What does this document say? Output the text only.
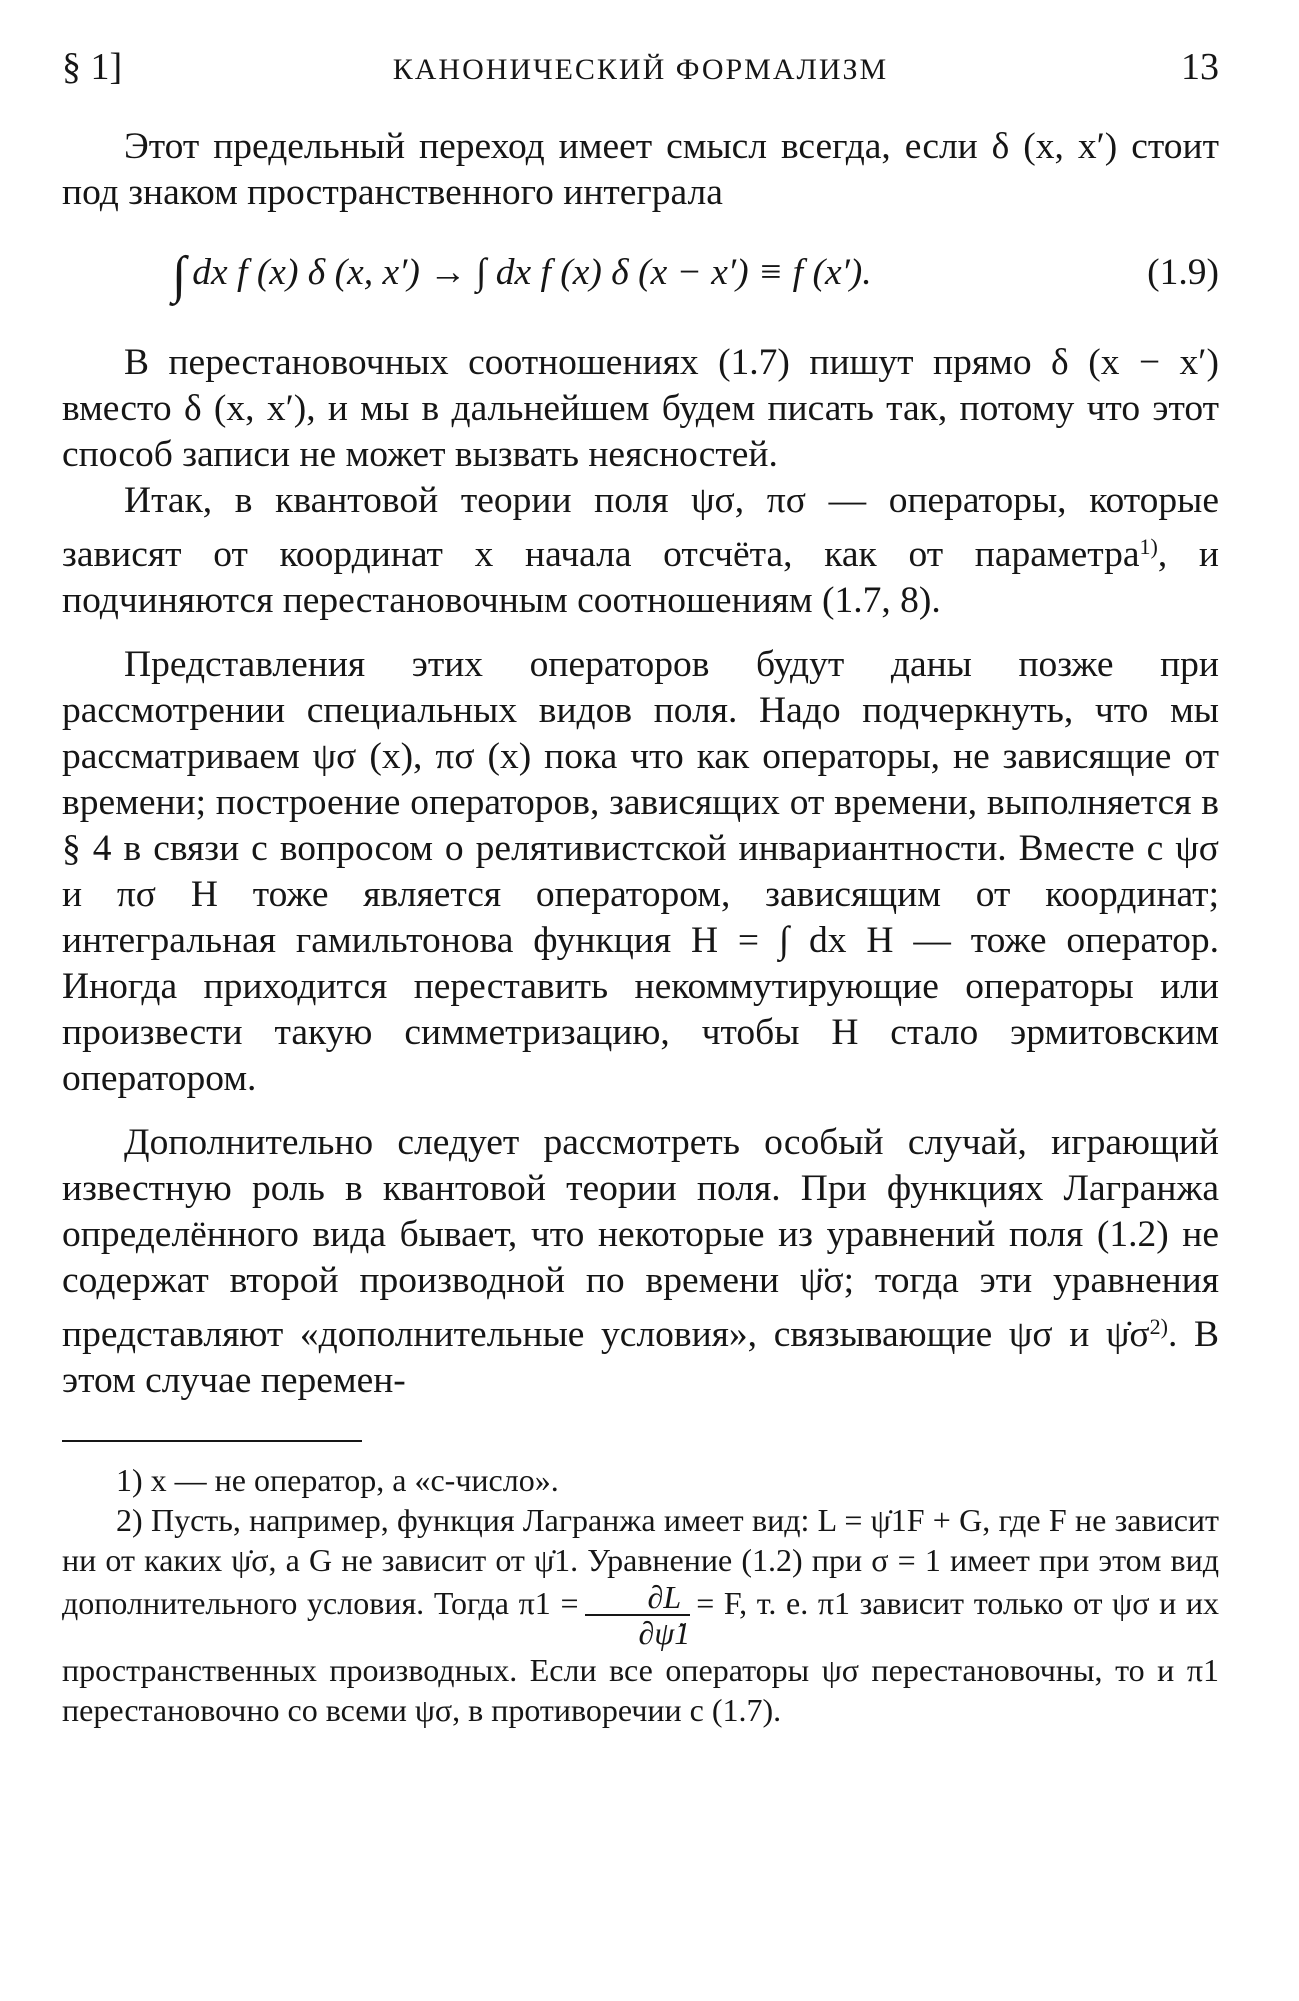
§ 1]	КАНОНИЧЕСКИЙ ФОРМАЛИЗМ	13

Этот предельный переход имеет смысл всегда, если δ (x, x′) стоит под знаком пространственного интеграла

∫ dx f (x) δ (x, x′) → ∫ dx f (x) δ (x − x′) ≡ f (x′).	(1.9)

В перестановочных соотношениях (1.7) пишут прямо δ (x − x′) вместо δ (x, x′), и мы в дальнейшем будем писать так, потому что этот способ записи не может вызвать неясностей.

Итак, в квантовой теории поля ψσ, πσ — операторы, которые зависят от координат x начала отсчёта, как от параметра$^{1)}$, и подчиняются перестановочным соотношениям (1.7, 8).

Представления этих операторов будут даны позже при рассмотрении специальных видов поля. Надо подчеркнуть, что мы рассматриваем ψσ (x), πσ (x) пока что как операторы, не зависящие от времени; построение операторов, зависящих от времени, выполняется в § 4 в связи с вопросом о релятивистской инвариантности. Вместе с ψσ и πσ H тоже является оператором, зависящим от координат; интегральная гамильтонова функция H = ∫ dx H — тоже оператор. Иногда приходится переставить некоммутирующие операторы или произвести такую симметризацию, чтобы H стало эрмитовским оператором.

Дополнительно следует рассмотреть особый случай, играющий известную роль в квантовой теории поля. При функциях Лагранжа определённого вида бывает, что некоторые из уравнений поля (1.2) не содержат второй производной по времени ψ̈σ; тогда эти уравнения представляют «дополнительные условия», связывающие ψσ и $\psi̇\sigma^{2)}$. В этом случае перемен-

1) x — не оператор, а «c-число».

2) Пусть, например, функция Лагранжа имеет вид: L = ψ̇1F + G, где F не зависит ни от каких ψ̇σ, а G не зависит от ψ̇1. Уравнение (1.2) при σ = 1 имеет при этом вид дополнительного условия. Тогда $\pi 1 = \frac{\partial L}{\partial\psi̇1} = F$, т. е. π1 зависит только от ψσ и их пространственных производных. Если все операторы ψσ перестановочны, то и π1 перестановочно со всеми ψσ, в противоречии с (1.7).
